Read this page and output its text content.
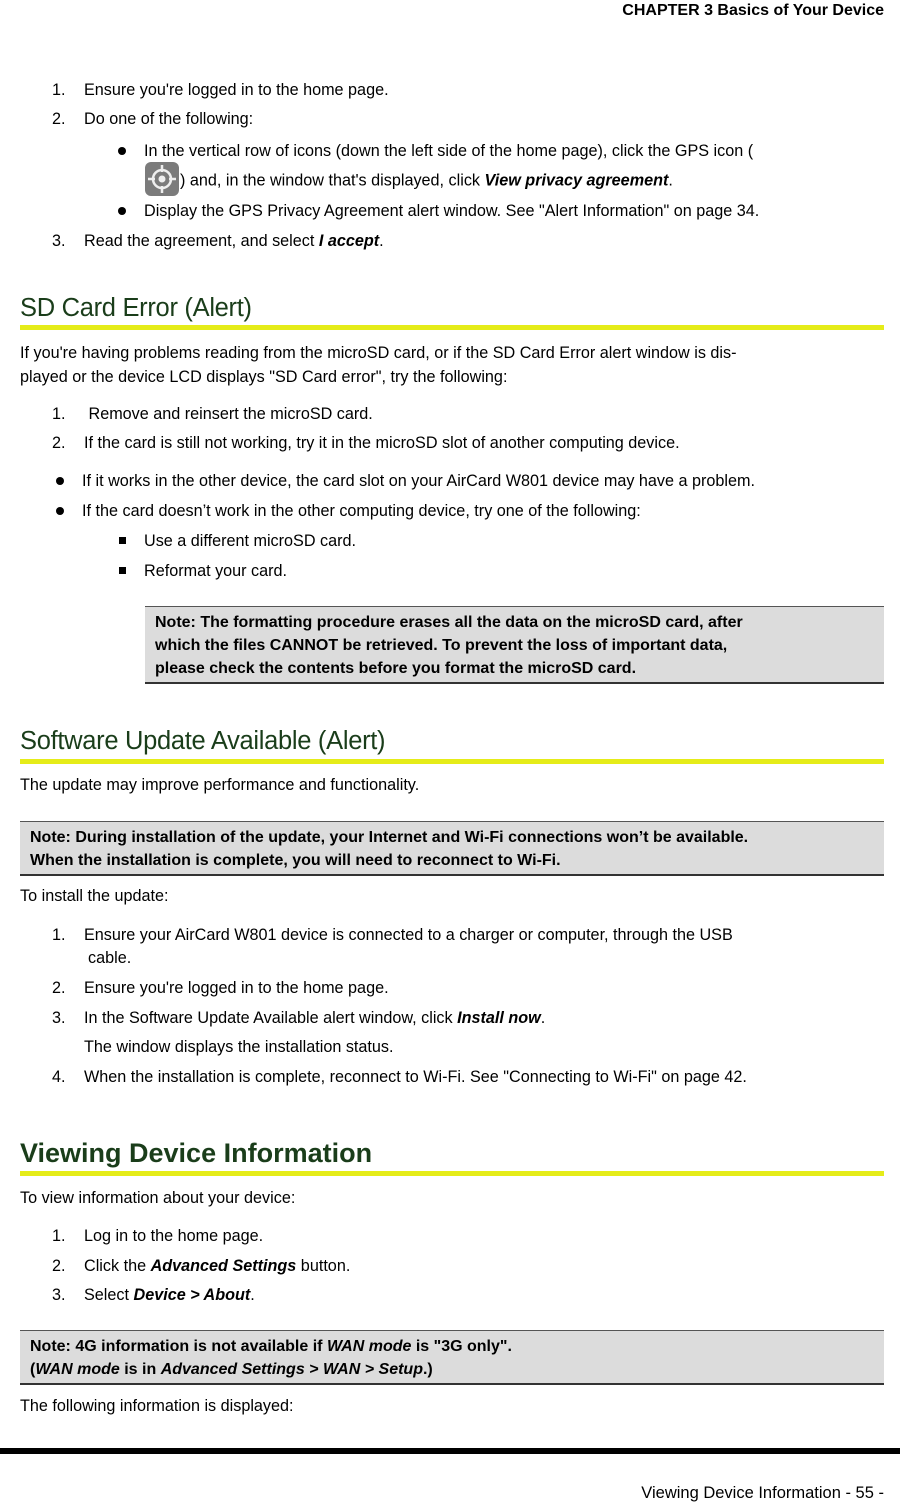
CHAPTER 3 Basics of Your Device
1. Ensure you're logged in to the home page.
2. Do one of the following:
In the vertical row of icons (down the left side of the home page), click the GPS icon (
) and, in the window that's displayed, click View privacy agreement.
Display the GPS Privacy Agreement alert window. See "Alert Information" on page 34.
3. Read the agreement, and select I accept.
SD Card Error (Alert)
If you're having problems reading from the microSD card, or if the SD Card Error alert window is dis-
played or the device LCD displays "SD Card error", try the following:
1. Remove and reinsert the microSD card.
2. If the card is still not working, try it in the microSD slot of another computing device.
If it works in the other device, the card slot on your AirCard W801 device may have a problem.
If the card doesn’t work in the other computing device, try one of the following:
Use a different microSD card.
Reformat your card.
Note: The formatting procedure erases all the data on the microSD card, after
which the files CANNOT be retrieved. To prevent the loss of important data,
please check the contents before you format the microSD card.
Software Update Available (Alert)
The update may improve performance and functionality.
Note: During installation of the update, your Internet and Wi-Fi connections won’t be available.
When the installation is complete, you will need to reconnect to Wi-Fi.
To install the update:
1. Ensure your AirCard W801 device is connected to a charger or computer, through the USB
cable.
2. Ensure you're logged in to the home page.
3. In the Software Update Available alert window, click Install now.
The window displays the installation status.
4. When the installation is complete, reconnect to Wi-Fi. See "Connecting to Wi-Fi" on page 42.
Viewing Device Information
To view information about your device:
1. Log in to the home page.
2. Click the Advanced Settings button.
3. Select Device > About.
Note: 4G information is not available if WAN mode is "3G only".
(WAN mode is in Advanced Settings > WAN > Setup.)
The following information is displayed:
Viewing Device Information - 55 -
